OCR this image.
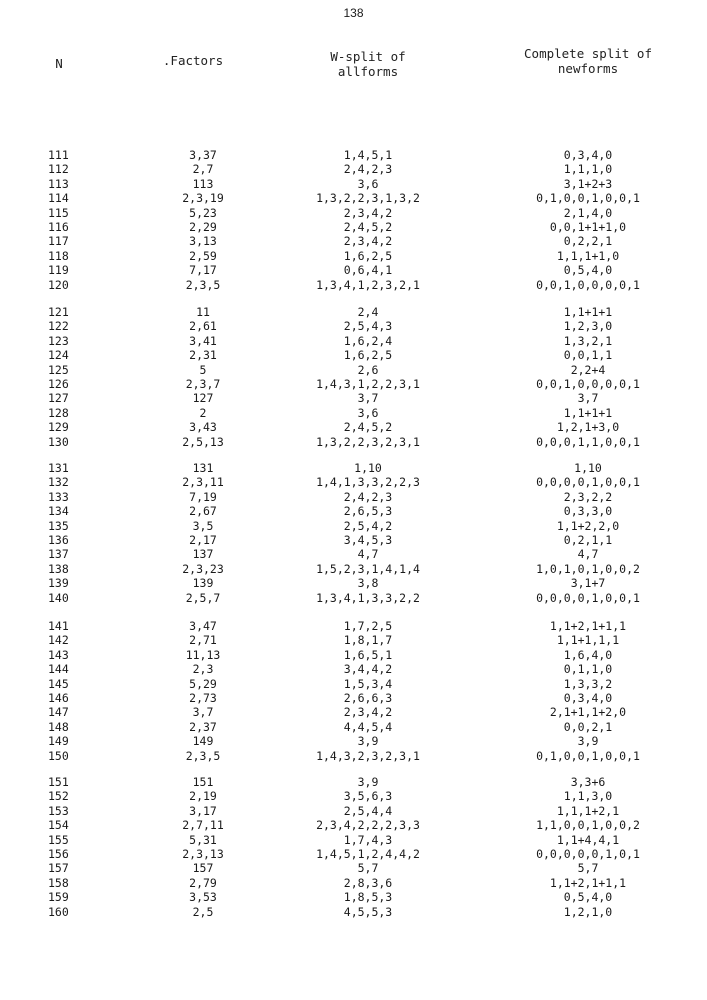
138
N	.Factors	W-split of
allforms
Complete split of
newforms
111	3,37	1,4,5,1	0,3,4,0
112	2,7	2,4,2,3	1,1,1,0
113	113	3,6	3,1+2+3
114	2,3,19	1,3,2,2,3,1,3,2	0,1,0,0,1,0,0,1
115	5,23	2,3,4,2	2,1,4,0
116	2,29	2,4,5,2	0,0,1+1+1,0
117	3,13	2,3,4,2	0,2,2,1
118	2,59	1,6,2,5	1,1,1+1,0
119	7,17	0,6,4,1	0,5,4,0
120	2,3,5	1,3,4,1,2,3,2,1	0,0,1,0,0,0,0,1
121	11	2,4	1,1+1+1
122	2,61	2,5,4,3	1,2,3,0
123	3,41	1,6,2,4	1,3,2,1
124	2,31	1,6,2,5	0,0,1,1
125	5	2,6	2,2+4
126	2,3,7	1,4,3,1,2,2,3,1	0,0,1,0,0,0,0,1
127	127	3,7	3,7
128	2	3,6	1,1+1+1
129	3,43	2,4,5,2	1,2,1+3,0
130	2,5,13	1,3,2,2,3,2,3,1	0,0,0,1,1,0,0,1
131	131	1,10	1,10
132	2,3,11	1,4,1,3,3,2,2,3	0,0,0,0,1,0,0,1
133	7,19	2,4,2,3	2,3,2,2
134	2,67	2,6,5,3	0,3,3,0
135	3,5	2,5,4,2	1,1+2,2,0
136	2,17	3,4,5,3	0,2,1,1
137	137	4,7	4,7
138	2,3,23	1,5,2,3,1,4,1,4	1,0,1,0,1,0,0,2
139	139	3,8	3,1+7
140	2,5,7	1,3,4,1,3,3,2,2	0,0,0,0,1,0,0,1
141	3,47	1,7,2,5	1,1+2,1+1,1
142	2,71	1,8,1,7	1,1+1,1,1
143	11,13	1,6,5,1	1,6,4,0
144	2,3	3,4,4,2	0,1,1,0
145	5,29	1,5,3,4	1,3,3,2
146	2,73	2,6,6,3	0,3,4,0
147	3,7	2,3,4,2	2,1+1,1+2,0
148	2,37	4,4,5,4	0,0,2,1
149	149	3,9	3,9
150	2,3,5	1,4,3,2,3,2,3,1	0,1,0,0,1,0,0,1
151	151	3,9	3,3+6
152	2,19	3,5,6,3	1,1,3,0
153	3,17	2,5,4,4	1,1,1+2,1
154	2,7,11	2,3,4,2,2,2,3,3	1,1,0,0,1,0,0,2
155	5,31	1,7,4,3	1,1+4,4,1
156	2,3,13	1,4,5,1,2,4,4,2	0,0,0,0,0,1,0,1
157	157	5,7	5,7
158	2,79	2,8,3,6	1,1+2,1+1,1
159	3,53	1,8,5,3	0,5,4,0
160	2,5	4,5,5,3	1,2,1,0
